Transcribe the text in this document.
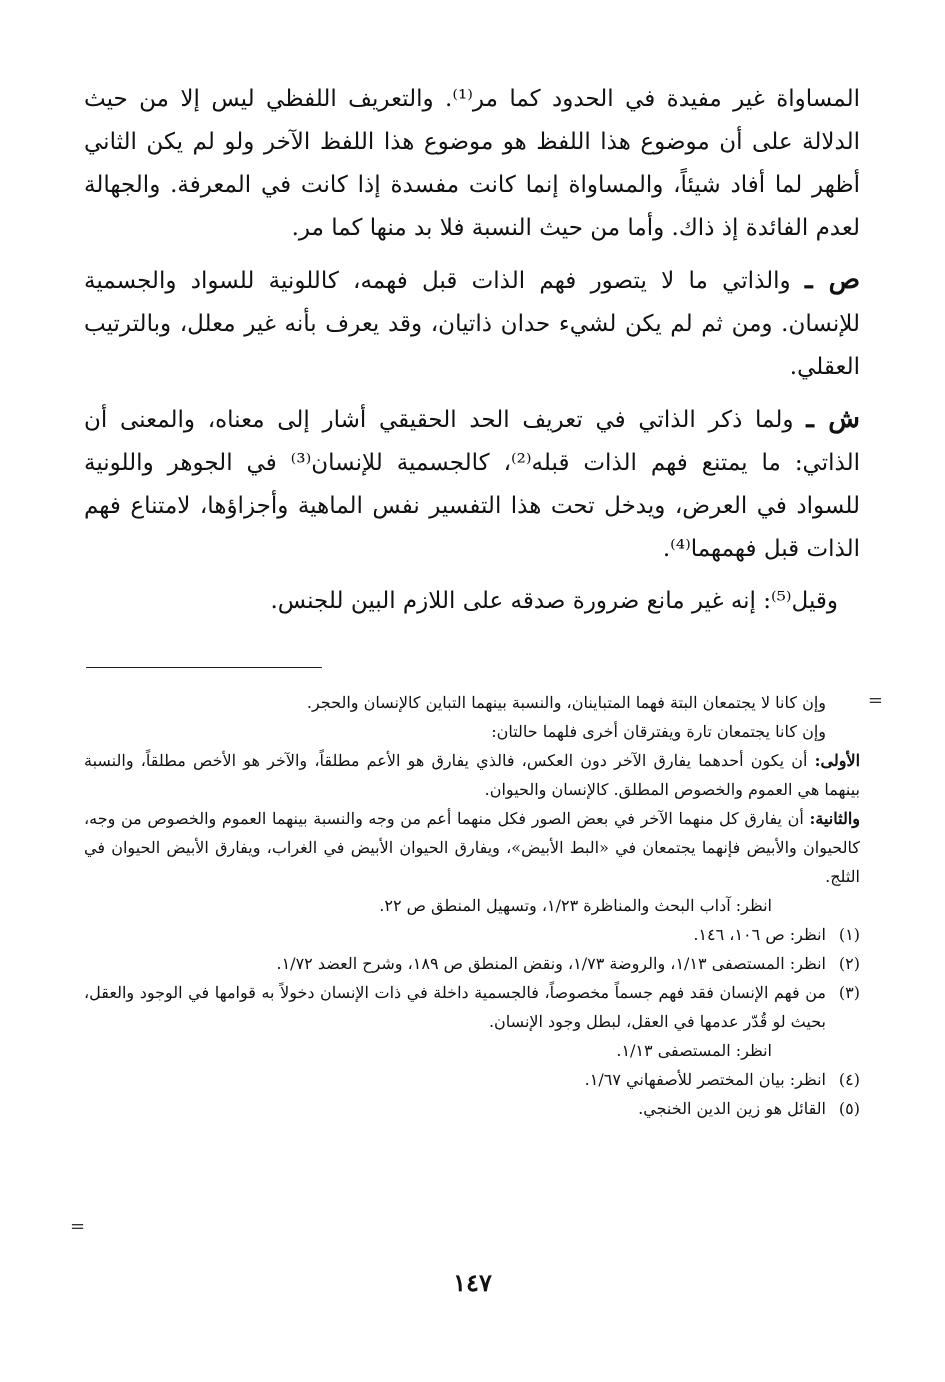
المساواة غير مفيدة في الحدود كما مر⁽¹⁾. والتعريف اللفظي ليس إلا من حيث الدلالة على أن موضوع هذا اللفظ هو موضوع هذا اللفظ الآخر ولو لم يكن الثاني أظهر لما أفاد شيئاً، والمساواة إنما كانت مفسدة إذا كانت في المعرفة. والجهالة لعدم الفائدة إذ ذاك. وأما من حيث النسبة فلا بد منها كما مر.

ص ـ والذاتي ما لا يتصور فهم الذات قبل فهمه، كاللونية للسواد والجسمية للإنسان. ومن ثم لم يكن لشيء حدان ذاتيان، وقد يعرف بأنه غير معلل، وبالترتيب العقلي.

ش ـ ولما ذكر الذاتي في تعريف الحد الحقيقي أشار إلى معناه، والمعنى أن الذاتي: ما يمتنع فهم الذات قبله⁽²⁾، كالجسمية للإنسان⁽³⁾ في الجوهر واللونية للسواد في العرض، ويدخل تحت هذا التفسير نفس الماهية وأجزاؤها، لامتناع فهم الذات قبل فهمهما⁽⁴⁾.

وقيل⁽⁵⁾: إنه غير مانع ضرورة صدقه على اللازم البين للجنس.

=

وإن كانا لا يجتمعان البتة فهما المتباينان، والنسبة بينهما التباين كالإنسان والحجر.

وإن كانا يجتمعان تارة ويفترقان أخرى فلهما حالتان:

الأولى: أن يكون أحدهما يفارق الآخر دون العكس، فالذي يفارق هو الأعم مطلقاً، والآخر هو الأخص مطلقاً، والنسبة بينهما هي العموم والخصوص المطلق. كالإنسان والحيوان.

والثانية: أن يفارق كل منهما الآخر في بعض الصور فكل منهما أعم من وجه والنسبة بينهما العموم والخصوص من وجه، كالحيوان والأبيض فإنهما يجتمعان في «البط الأبيض»، ويفارق الحيوان الأبيض في الغراب، ويفارق الأبيض الحيوان في الثلج.

انظر: آداب البحث والمناظرة ١/٢٣، وتسهيل المنطق ص ٢٢.

(١)
انظر: ص ١٠٦، ١٤٦.
(٢)
انظر: المستصفى ١/١٣، والروضة ١/٧٣، ونقض المنطق ص ١٨٩، وشرح العضد ١/٧٢.
(٣)
من فهم الإنسان فقد فهم جسماً مخصوصاً، فالجسمية داخلة في ذات الإنسان دخولاً به قوامها في الوجود والعقل، بحيث لو قُدّر عدمها في العقل، لبطل وجود الإنسان.

انظر: المستصفى ١/١٣.

(٤)
انظر: بيان المختصر للأصفهاني ١/٦٧.
(٥)
القائل هو زين الدين الخنجي.
=
١٤٧
